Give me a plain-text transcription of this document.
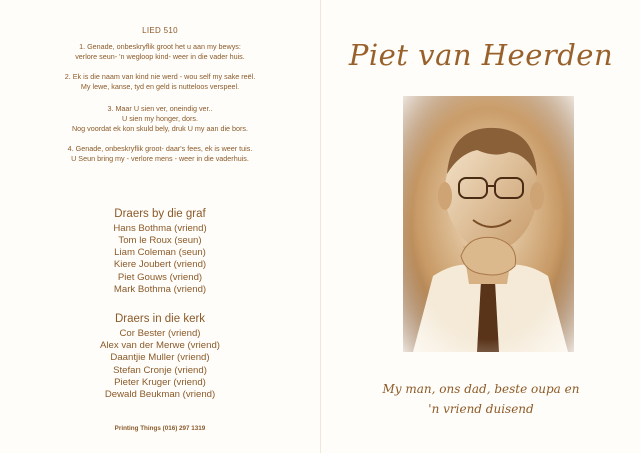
LIED 510
1. Genade, onbeskryflik groot het u aan my bewys:
verlore seun- 'n wegloop kind- weer in die vader huis.
2. Ek is die naam van kind nie werd - wou self my sake reël.
My lewe, kanse, tyd en geld is nutteloos verspeel.
3. Maar U sien ver, oneindig ver..
U sien my honger, dors.
Nog voordat ek kon skuld bely, druk U my aan die bors.
4. Genade, onbeskryflik groot- daar's fees, ek is weer tuis.
U Seun bring my - verlore mens - weer in die vaderhuis.
Draers by die graf
Hans Bothma (vriend)
Tom le Roux (seun)
Liam Coleman (seun)
Kiere Joubert (vriend)
Piet Gouws (vriend)
Mark Bothma (vriend)
Draers in die kerk
Cor Bester (vriend)
Alex van der Merwe (vriend)
Daantjie Muller (vriend)
Stefan Cronje (vriend)
Pieter Kruger (vriend)
Dewald Beukman (vriend)
Printing Things (016) 297 1319
Piet van Heerden
My man, ons dad, beste oupa en
'n vriend duisend
